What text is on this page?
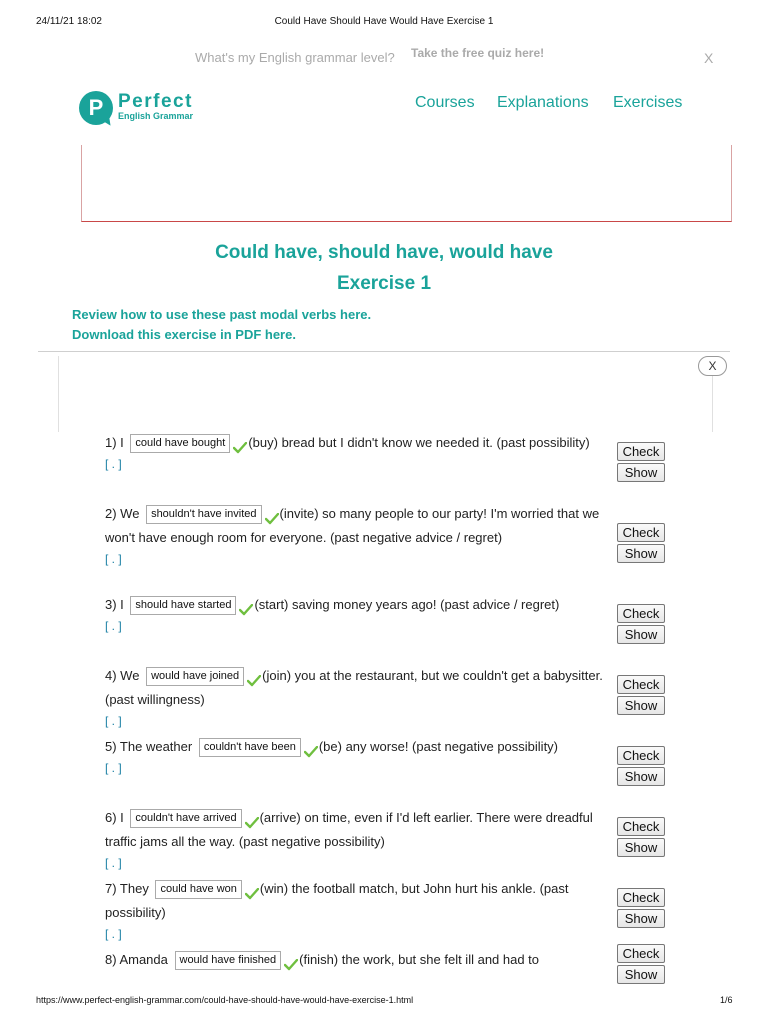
24/11/21 18:02	Could Have Should Have Would Have Exercise 1
What's my English grammar level?	Take the free quiz here!	X
P Perfect
English Grammar
Courses Explanations Exercises
Could have, should have, would have
Exercise 1
Review how to use these past modal verbs here.
Download this exercise in PDF here.
X
1) I could have bought (buy) bread but I didn't know we needed it. (past possibility)
[ . ]
Check
Show
2) We shouldn't have invited (invite) so many people to our party! I'm worried that we won't have enough room for everyone. (past negative advice / regret)
[ . ]
Check
Show
3) I should have started (start) saving money years ago! (past advice / regret)
[ . ]
Check
Show
4) We would have joined (join) you at the restaurant, but we couldn't get a babysitter. (past willingness)
[ . ]
Check
Show
5) The weather couldn't have been (be) any worse! (past negative possibility)
[ . ]
Check
Show
6) I couldn't have arrived (arrive) on time, even if I'd left earlier. There were dreadful traffic jams all the way. (past negative possibility)
[ . ]
Check
Show
7) They could have won (win) the football match, but John hurt his ankle. (past possibility)
[ . ]
Check
Show
8) Amanda would have finished (finish) the work, but she felt ill and had to	Check
Show
https://www.perfect-english-grammar.com/could-have-should-have-would-have-exercise-1.html	1/6
